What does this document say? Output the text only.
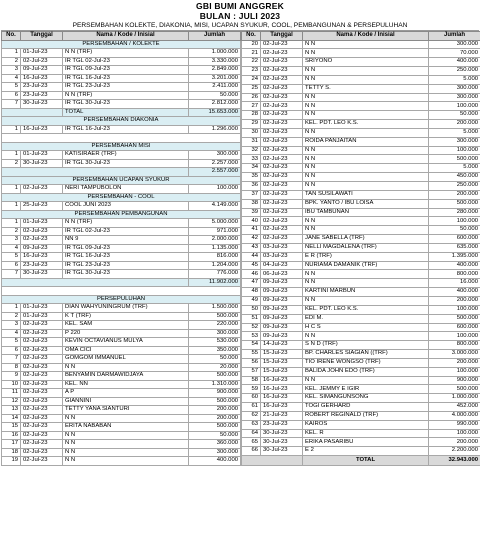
GBI BUMI ANGGREK
BULAN : JULI 2023
PERSEMBAHAN KOLEKTE, DIAKONIA, MISI, UCAPAN SYUKUR, COOL, PEMBANGUNAN & PERSEPULUHAN
No.	Tanggal	Nama / Kode / Inisial	Jumlah
PERSEMBAHAN / KOLEKTE			
1	01-Jul-23	N N (TRF)	1.000.000
2	02-Jul-23	IR TGL 02-Jul-23	3.330.000
3	09-Jul-23	IR TGL 09-Jul-23	2.849.000
4	16-Jul-23	IR TGL 16-Jul-23	3.201.000
5	23-Jul-23	IR TGL 23-Jul-23	2.411.000
6	23-Jul-23	N N (TRF)	50.000
7	30-Jul-23	IR TGL 30-Jul-23	2.812.000
		TOTAL	15.653.000
PERSEMBAHAN DIAKONIA			
1	16-Jul-23	IR TGL 16-Jul-23	1.296.000

PERSEMBAHAN MISI			
1	01-Jul-23	KATISIRAER (TRF)	300.000
2	30-Jul-23	IR TGL 30-Jul-23	2.257.000
			2.557.000
PERSEMBAHAN UCAPAN SYUKUR			
1	02-Jul-23	NERI TAMPUBOLON	100.000
PERSEMBAHAN - COOL			
1	25-Jul-23	COOL JUNI 2023	4.149.000
PERSEMBAHAN PEMBANGUNAN			
1	01-Jul-23	N N (TRF)	5.000.000
2	02-Jul-23	IR TGL 02-Jul-23	971.000
3	02-Jul-23	NN 9	2.000.000
4	09-Jul-23	IR TGL 09-Jul-23	1.135.000
5	16-Jul-23	IR TGL 16-Jul-23	816.000
6	23-Jul-23	IR TGL 23-Jul-23	1.204.000
7	30-Jul-23	IR TGL 30-Jul-23	776.000
			11.902.000

PERSEPULUHAN			
1	01-Jul-23	DIAN WAHYUNINGRUM (TRF)	1.500.000
2	01-Jul-23	K T (TRF)	500.000
3	02-Jul-23	KEL. SAM	220.000
4	02-Jul-23	P 220	300.000
5	02-Jul-23	KEVIN OCTAVIANUS MULYA	530.000
6	02-Jul-23	OMA CICI	350.000
7	02-Jul-23	GOMGOM IMMANUEL	50.000
8	02-Jul-23	N N	20.000
9	02-Jul-23	BENYAMIN DARMAWIDJAYA	500.000
10	02-Jul-23	KEL. NN	1.310.000
11	02-Jul-23	A P	900.000
12	02-Jul-23	GIANNINI	500.000
13	02-Jul-23	TETTY YANA SIANTURI	200.000
14	02-Jul-23	N N	200.000
15	02-Jul-23	ERITA NABABAN	500.000
16	02-Jul-23	N N	50.000
17	02-Jul-23	N N	360.000
18	02-Jul-23	N N	300.000
19	02-Jul-23	N N	400.000
No.	Tanggal	Nama / Kode / Inisial	Jumlah
20	02-Jul-23	N N	300.000
21	02-Jul-23	N N	70.000
22	02-Jul-23	SRIYONO	400.000
23	02-Jul-23	N N	250.000
24	02-Jul-23	N N	5.000
25	02-Jul-23	TETTY S.	300.000
26	02-Jul-23	N N	300.000
27	02-Jul-23	N N	100.000
28	02-Jul-23	N N	50.000
29	02-Jul-23	KEL. PDT. LEO K.S.	200.000
30	02-Jul-23	N N	5.000
31	02-Jul-23	ROIDA PANJAITAN	300.000
32	02-Jul-23	N N	100.000
33	02-Jul-23	N N	500.000
34	02-Jul-23	N N	5.000
35	02-Jul-23	N N	450.000
36	02-Jul-23	N N	250.000
37	02-Jul-23	TAN SUSILAWATI	200.000
38	02-Jul-23	BPK. YANTO / IBU LOISA	500.000
39	02-Jul-23	IBU TAMBUNAN	280.000
40	02-Jul-23	N N	100.000
41	02-Jul-23	N N	50.000
42	02-Jul-23	JANE SABELLA (TRF)	600.000
43	03-Jul-23	NELLI MAGDALENA (TRF)	635.000
44	03-Jul-23	E R (TRF)	1.395.000
45	04-Jul-23	NURIAMA DAMANIK (TRF)	400.000
46	06-Jul-23	N N	800.000
47	09-Jul-23	N N	16.000
48	09-Jul-23	KARTINI MARBUN	400.000
49	09-Jul-23	N N	200.000
50	09-Jul-23	KEL. PDT. LEO K.S.	100.000
51	09-Jul-23	EDI M.	500.000
52	09-Jul-23	H C S	600.000
53	09-Jul-23	N N	100.000
54	14-Jul-23	S N D (TRF)	800.000
55	15-Jul-23	BP. CHARLES SIAGIAN ((TRF)	3.000.000
56	15-Jul-23	TIO IRENE WONGSO (TRF)	200.000
57	15-Jul-23	BALIDA JOHN EDO (TRF)	100.000
58	16-Jul-23	N N	900.000
59	16-Jul-23	KEL. JEMMY E IGIR	500.000
60	16-Jul-23	KEL. SIMANGUNSONG	1.000.000
61	16-Jul-23	TOGI GERHARD	452.000
62	21-Jul-23	ROBERT REGINALD (TRF)	4.000.000
63	23-Jul-23	KAIROS	990.000
64	30-Jul-23	KEL. R	100.000
65	30-Jul-23	ERIKA PASARIBU	200.000
66	30-Jul-23	E 2	2.200.000
		TOTAL	32.943.000
